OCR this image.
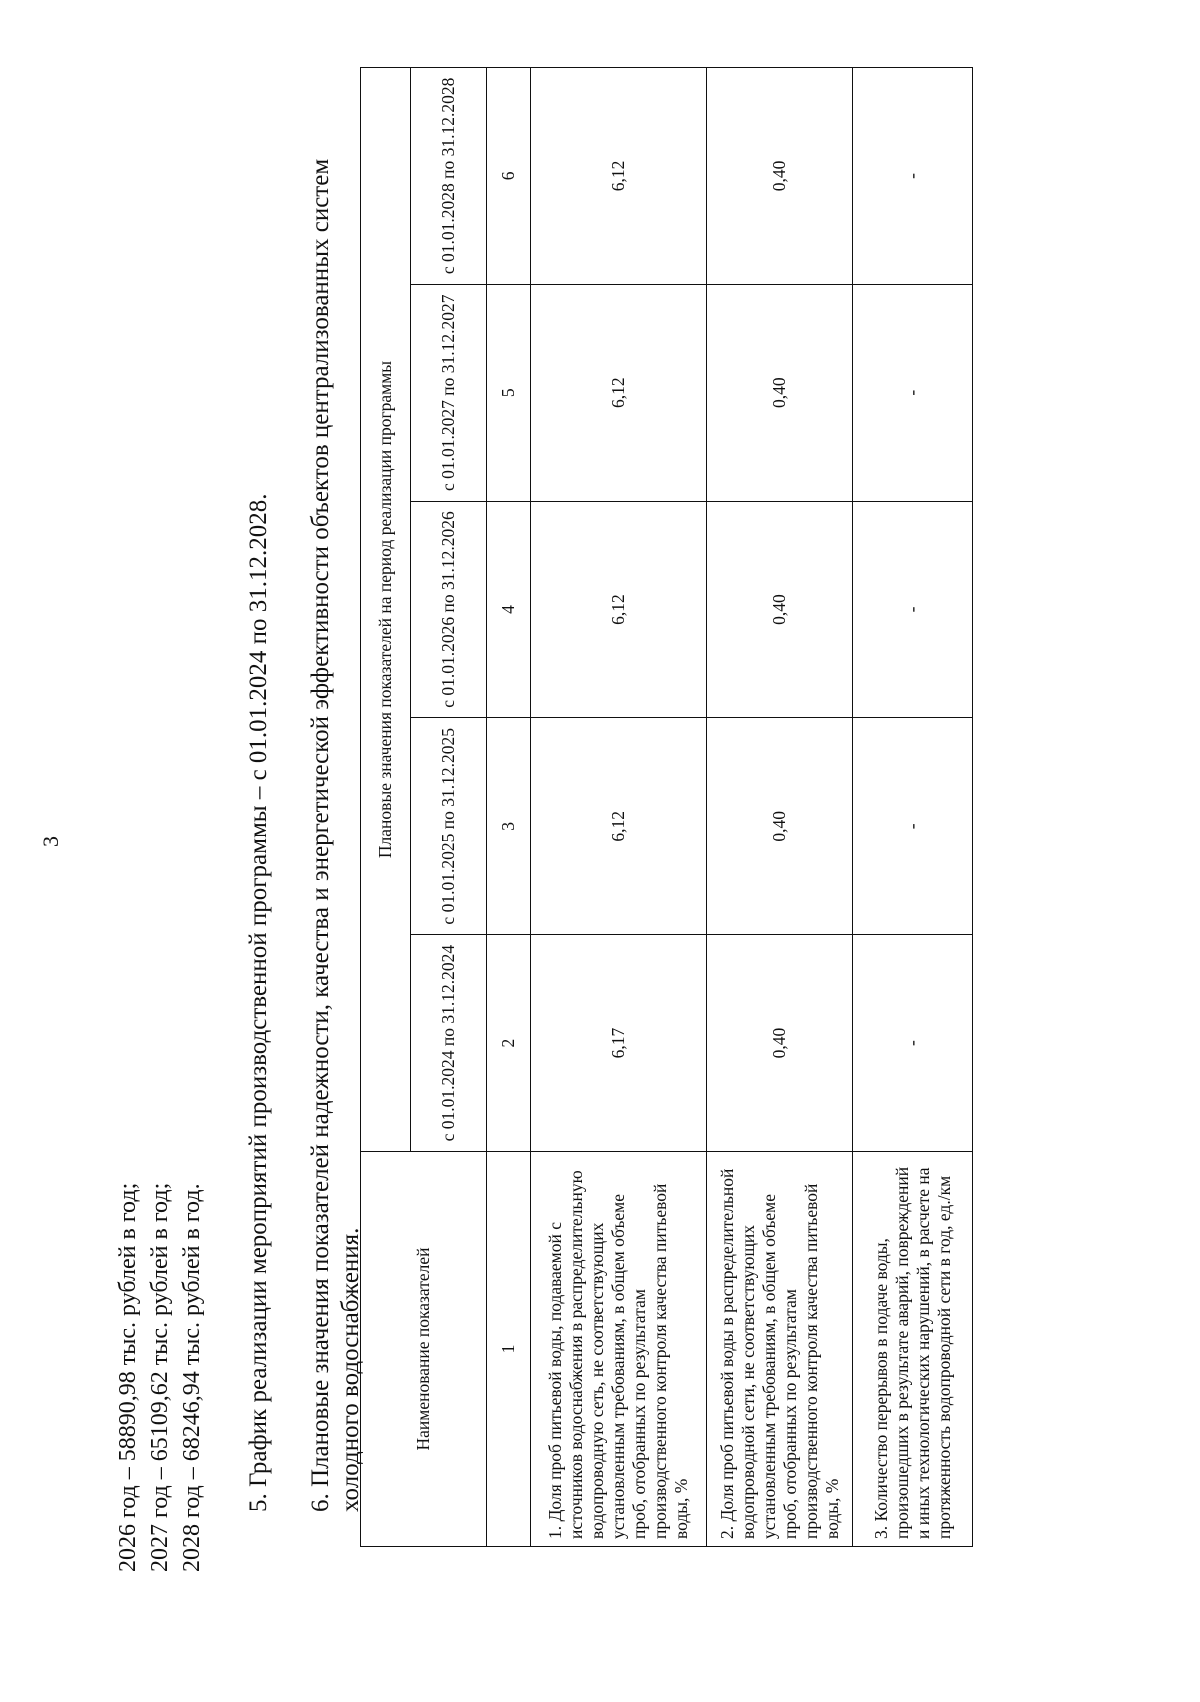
3
2026 год – 58890,98 тыс. рублей в год; 2027 год – 65109,62 тыс. рублей в год; 2028 год – 68246,94 тыс. рублей в год. 5. График реализации мероприятий производственной программы – с 01.01.2024 по 31.12.2028. 6. Плановые значения показателей надежности, качества и энергетической эффективности объектов централизованных систем холодного водоснабжения.	Наименование показателей	Плановые значения показателей на период реализации программы				
	с 01.01.2024 по 31.12.2024	с 01.01.2025 по 31.12.2025	с 01.01.2026 по 31.12.2026	с 01.01.2027 по 31.12.2027	с 01.01.2028 по 31.12.2028
1	2	3	4	5	6
1. Доля проб питьевой воды, подаваемой с источников водоснабжения в распределительную водопроводную сеть, не соответствующих установленным требованиям, в общем объеме проб, отобранных по результатам производственного контроля качества питьевой воды, %	6,17	6,12	6,12	6,12	6,12
2. Доля проб питьевой воды в распределительной водопроводной сети, не соответствующих установленным требованиям, в общем объеме проб, отобранных по результатам производственного контроля качества питьевой воды, %	0,40	0,40	0,40	0,40	0,40
3. Количество перерывов в подаче воды, произошедших в результате аварий, повреждений и иных технологических нарушений, в расчете на протяженность водопроводной сети в год, ед./км	-	-	-	-	-
